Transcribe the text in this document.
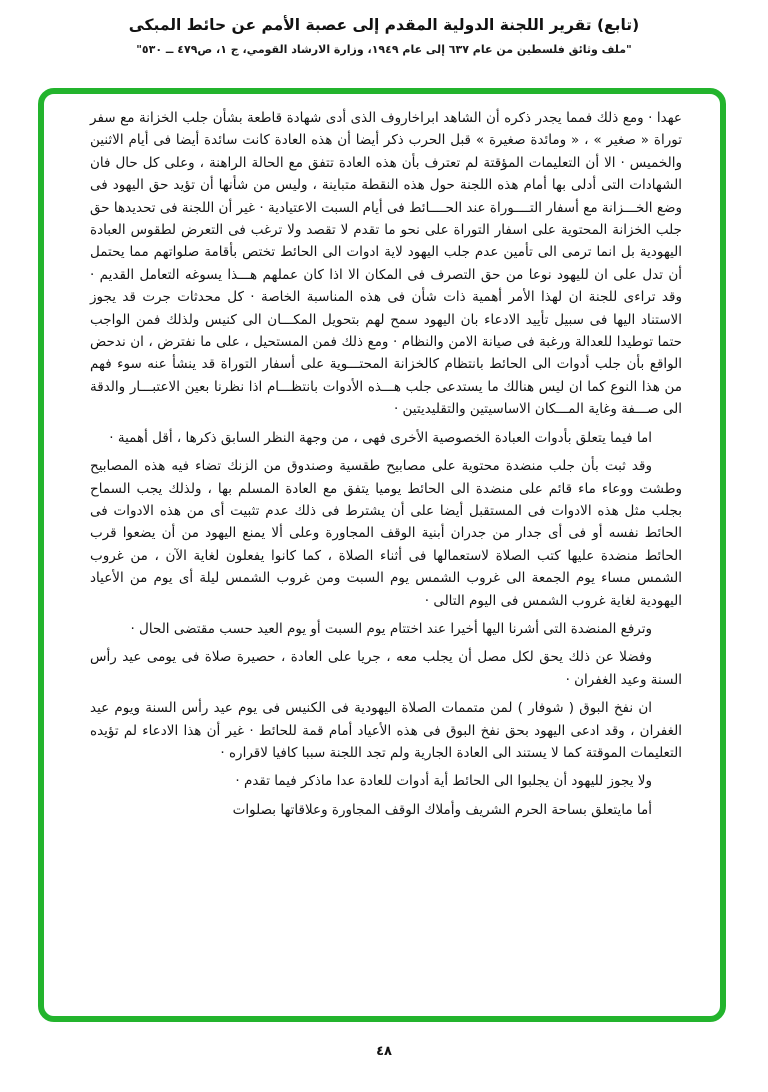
(تابع) تقرير اللجنة الدولية المقدم إلى عصبة الأمم عن حائط المبكى
"ملف وثائق فلسطين من عام ٦٣٧ إلى عام ١٩٤٩، وزارة الارشاد القومي، ج ١، ص٤٧٩ ــ ٥٣٠"

عهدا · ومع ذلك فمما يجدر ذكره أن الشاهد ابراخاروف الذى أدى شهادة قاطعة بشأن جلب الخزانة مع سفر توراة « صغير » ، « ومائدة صغيرة » قبل الحرب ذكر أيضا أن هذه العادة كانت سائدة أيضا فى أيام الاثنين والخميس · الا أن التعليمات المؤقتة لم تعترف بأن هذه العادة تتفق مع الحالة الراهنة ، وعلى كل حال فان الشهادات التى أدلى بها أمام هذه اللجنة حول هذه النقطة متباينة ، وليس من شأنها أن تؤيد حق اليهود فى وضع الخـــزانة مع أسفار التــــوراة عند الحــــائط فى أيام السبت الاعتيادية · غير أن اللجنة فى تحديدها حق جلب الخزانة المحتوية على اسفار التوراة على نحو ما تقدم لا تقصد ولا ترغب فى التعرض لطقوس العبادة اليهودية بل انما ترمى الى تأمين عدم جلب اليهود لاية ادوات الى الحائط تختص بأقامة صلواتهم مما يحتمل أن تدل على ان لليهود نوعا من حق التصرف فى المكان الا اذا كان عملهم هـــذا يسوغه التعامل القديم · وقد تراءى للجنة ان لهذا الأمر أهمية ذات شأن فى هذه المناسبة الخاصة · كل محدثات جرت قد يجوز الاستناد اليها فى سبيل تأييد الادعاء بان اليهود سمح لهم بتحويل المكـــان الى كنيس ولذلك فمن الواجب حتما توطيدا للعدالة ورغبة فى صيانة الامن والنظام · ومع ذلك فمن المستحيل ، على ما نفترض ، ان ندحض الواقع بأن جلب أدوات الى الحائط بانتظام كالخزانة المحتـــوية على أسفار التوراة قد ينشأ عنه سوء فهم من هذا النوع كما ان ليس هنالك ما يستدعى جلب هـــذه الأدوات بانتظـــام اذا نظرنا بعين الاعتبـــار والدقة الى صـــفة وغاية المـــكان الاساسيتين والتقليديتين ·

اما فيما يتعلق بأدوات العبادة الخصوصية الأخرى فهى ، من وجهة النظر السابق ذكرها ، أقل أهمية ·

وقد ثبت بأن جلب منضدة محتوية على مصابيح طقسية وصندوق من الزنك تضاء فيه هذه المصابيح وطشت ووعاء ماء قائم على منضدة الى الحائط يوميا يتفق مع العادة المسلم بها ، ولذلك يجب السماح بجلب مثل هذه الادوات فى المستقبل أيضا على أن يشترط فى ذلك عدم تثبيت أى من هذه الادوات فى الحائط نفسه أو فى أى جدار من جدران أبنية الوقف المجاورة وعلى ألا يمنع اليهود من أن يضعوا قرب الحائط منضدة عليها كتب الصلاة لاستعمالها فى أثناء الصلاة ، كما كانوا يفعلون لغاية الآن ، من غروب الشمس مساء يوم الجمعة الى غروب الشمس يوم السبت ومن غروب الشمس ليلة أى يوم من الأعياد اليهودية لغاية غروب الشمس فى اليوم التالى ·

وترفع المنضدة التى أشرنا اليها أخيرا عند اختتام يوم السبت أو يوم العيد حسب مقتضى الحال ·

وفضلا عن ذلك يحق لكل مصل أن يجلب معه ، جريا على العادة ، حصيرة صلاة فى يومى عيد رأس السنة وعيد الغفران ·

ان نفخ البوق ( شوفار ) لمن متممات الصلاة اليهودية فى الكنيس فى يوم عيد رأس السنة ويوم عيد الغفران ، وقد ادعى اليهود بحق نفخ البوق فى هذه الأعياد أمام قمة للحائط · غير أن هذا الادعاء لم تؤيده التعليمات الموقتة كما لا يستند الى العادة الجارية ولم تجد اللجنة سببا كافيا لاقراره ·

ولا يجوز لليهود أن يجلبوا الى الحائط أية أدوات للعادة عدا ماذكر فيما تقدم ·

أما مايتعلق بساحة الحرم الشريف وأملاك الوقف المجاورة وعلاقاتها بصلوات

٤٨
